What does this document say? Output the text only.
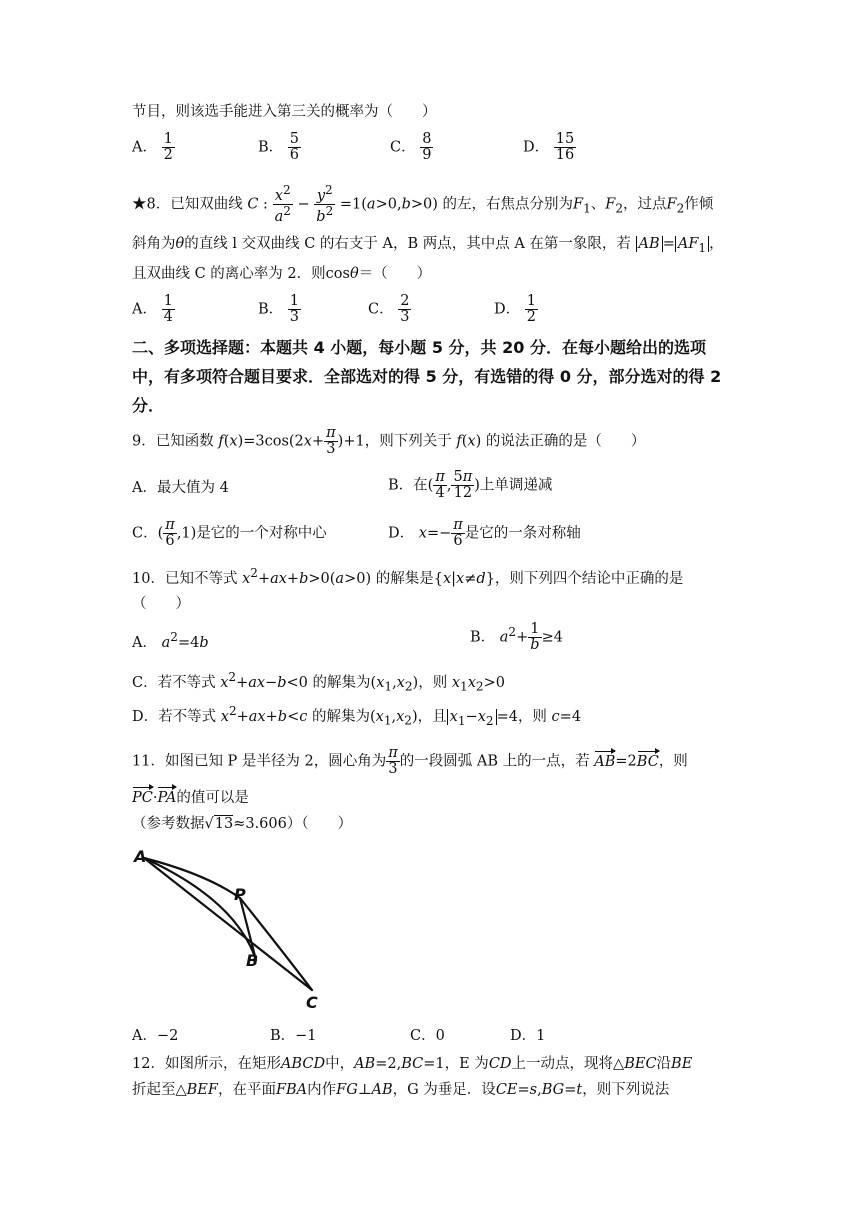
节目，则该选手能进入第三关的概率为（　　）
A． $\frac{1}{2}$	B． $\frac{5}{6}$	C． $\frac{8}{9}$	D． $\frac{15}{16}$
★8．已知双曲线 C : $\frac{x^2}{a^2} - \frac{y^2}{b^2} =1(a>0,b>0)$ 的左，右焦点分别为$F_1$、$F_2$，过点$F_2$作倾
斜角为θ的直线 l 交双曲线 C 的右支于 A，B 两点，其中点 A 在第一象限，若 AB = $AF_1$ ，
且双曲线 C 的离心率为 2．则cosθ＝（　　）
A． $\frac{1}{4}$	B． $\frac{1}{3}$	C． $\frac{2}{3}$	D． $\frac{1}{2}$
二、多项选择题：本题共 4 小题，每小题 5 分，共 20 分．在每小题给出的选项中，有多项符合题目要求．全部选对的得 5 分，有选错的得 0 分，部分选对的得 2 分．
9．已知函数 $f(x)=3\cos(2x+ \frac{\pi}{3} )+1$，则下列关于 f(x) 的说法正确的是（　　）
A．最大值为 4	B．在( $\frac{\pi}{4}$ , $\frac{5\pi}{12}$ )上单调递减
C．( $\frac{\pi}{6} ,1$)是它的一个对称中心	D． $x=- \frac{\pi}{6}$ 是它的一条对称轴
10．已知不等式 $x^2+ax+b>0(a>0)$ 的解集是{x|x≠d}，则下列四个结论中正确的是
（　　）
A． $a^2=4b$	B． $a^2+ \frac{1}{b} \ge 4$
C．若不等式 $x^2+ax-b<0$ 的解集为$(x_1,x_2)$，则 $x_1x_2>0$
D．若不等式 $x^2+ax+b<c$ 的解集为$(x_1,x_2)$，且 $x_1-x_2 =4$，则 c=4
11．如图已知 P 是半径为 2，圆心角为 $\frac{\pi}{3}$ 的一段圆弧 AB 上的一点，若 AB=2BC，则
PC·PA的值可以是
（参考数据√13≈3.606）（　　）
A
P
B
C
A．−2	B．−1	C．0	D．1
12．如图所示，在矩形ABCD中，AB=2,BC=1，E 为CD上一动点，现将△BEC沿BE
折起至△BEF，在平面FBA内作FG⊥AB，G 为垂足．设CE=s,BG=t，则下列说法
